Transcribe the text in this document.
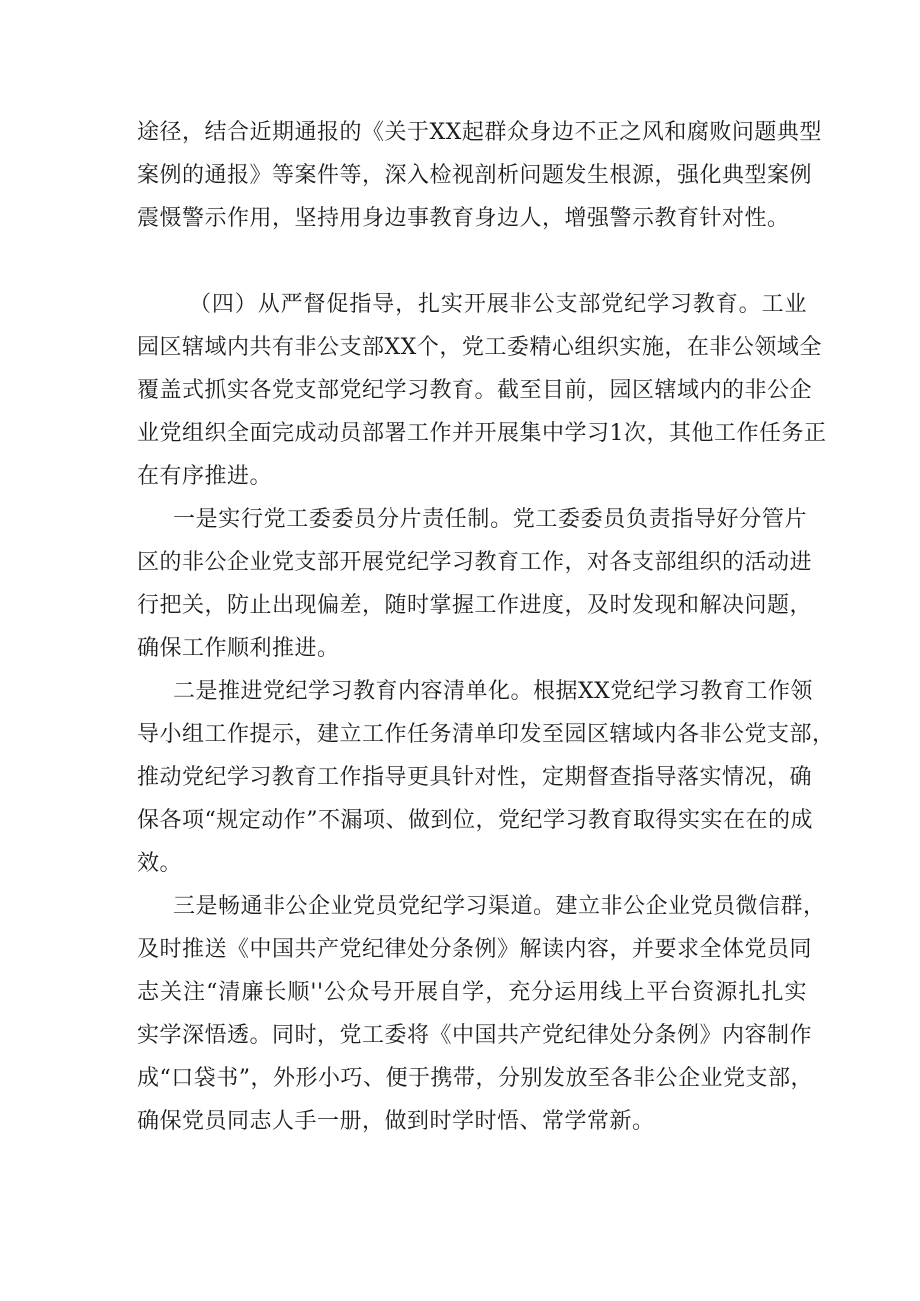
途径，结合近期通报的《关于XX起群众身边不正之风和腐败问题典型
案例的通报》等案件等，深入检视剖析问题发生根源，强化典型案例
震慑警示作用，坚持用身边事教育身边人，增强警示教育针对性。
（四）从严督促指导，扎实开展非公支部党纪学习教育。工业
园区辖域内共有非公支部XX个，党工委精心组织实施，在非公领域全
覆盖式抓实各党支部党纪学习教育。截至目前，园区辖域内的非公企
业党组织全面完成动员部署工作并开展集中学习1次，其他工作任务正
在有序推进。
一是实行党工委委员分片责任制。党工委委员负责指导好分管片
区的非公企业党支部开展党纪学习教育工作，对各支部组织的活动进
行把关，防止出现偏差，随时掌握工作进度，及时发现和解决问题，
确保工作顺利推进。
二是推进党纪学习教育内容清单化。根据XX党纪学习教育工作领
导小组工作提示，建立工作任务清单印发至园区辖域内各非公党支部，
推动党纪学习教育工作指导更具针对性，定期督查指导落实情况，确
保各项“规定动作”不漏项、做到位，党纪学习教育取得实实在在的成
效。
三是畅通非公企业党员党纪学习渠道。建立非公企业党员微信群，
及时推送《中国共产党纪律处分条例》解读内容，并要求全体党员同
志关注“清廉长顺''公众号开展自学，充分运用线上平台资源扎扎实
实学深悟透。同时，党工委将《中国共产党纪律处分条例》内容制作
成“口袋书”，外形小巧、便于携带，分别发放至各非公企业党支部，
确保党员同志人手一册，做到时学时悟、常学常新。
